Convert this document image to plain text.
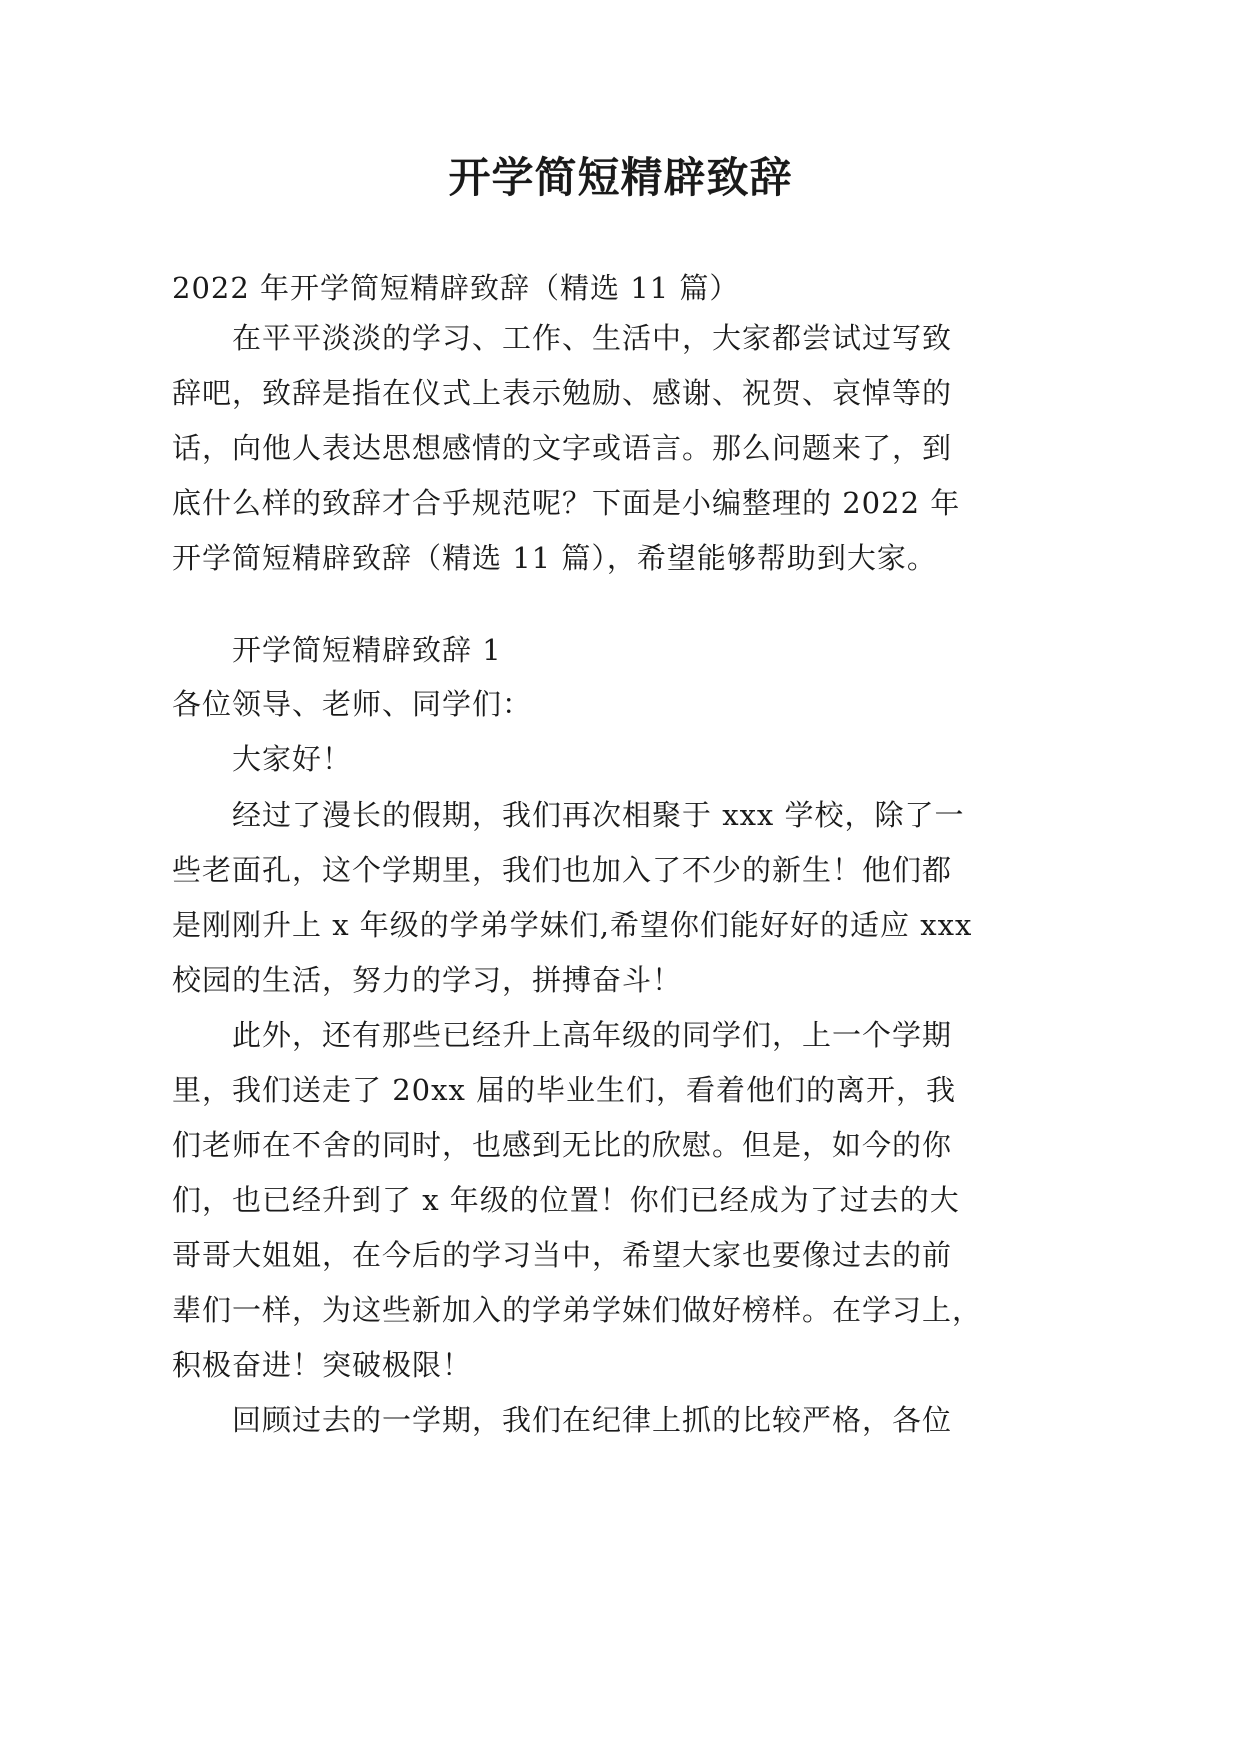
开学简短精辟致辞
2022 年开学简短精辟致辞（精选 11 篇）
在平平淡淡的学习、工作、生活中，大家都尝试过写致
辞吧，致辞是指在仪式上表示勉励、感谢、祝贺、哀悼等的
话，向他人表达思想感情的文字或语言。那么问题来了，到
底什么样的致辞才合乎规范呢？下面是小编整理的 2022 年
开学简短精辟致辞（精选 11 篇），希望能够帮助到大家。
开学简短精辟致辞 1
各位领导、老师、同学们：
大家好！
经过了漫长的假期，我们再次相聚于 xxx 学校，除了一
些老面孔，这个学期里，我们也加入了不少的新生！他们都
是刚刚升上 x 年级的学弟学妹们,希望你们能好好的适应 xxx
校园的生活，努力的学习，拼搏奋斗！
此外，还有那些已经升上高年级的同学们，上一个学期
里，我们送走了 20xx 届的毕业生们，看着他们的离开，我
们老师在不舍的同时，也感到无比的欣慰。但是，如今的你
们，也已经升到了 x 年级的位置！你们已经成为了过去的大
哥哥大姐姐，在今后的学习当中，希望大家也要像过去的前
辈们一样，为这些新加入的学弟学妹们做好榜样。在学习上，
积极奋进！突破极限！
回顾过去的一学期，我们在纪律上抓的比较严格，各位
